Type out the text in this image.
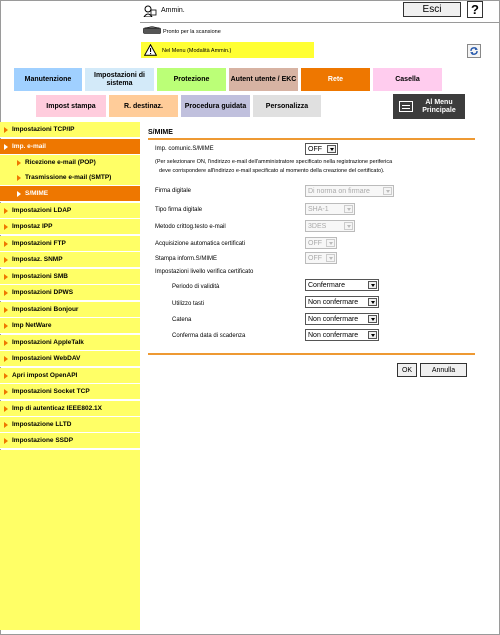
Ammin.	Esci	?
Pronto per la scansione
Nel Menu (Modalità Ammin.)
Manutenzione
Impostazioni di sistema
Protezione	Autent utente / EKC	Rete	Casella
Impost stampa	R. destinaz.	Procedura guidata	Personalizza
Al Menu Principale
Impostazioni TCP/IP
Imp. e-mail
Ricezione e-mail (POP)
Trasmissione e-mail (SMTP)
S/MIME
Impostazioni LDAP
Impostaz IPP
Impostazioni FTP
Impostaz. SNMP
Impostazioni SMB
Impostazioni DPWS
Impostazioni Bonjour
Imp NetWare
Impostazioni AppleTalk
Impostazioni WebDAV
Apri impost OpenAPI
Impostazioni Socket TCP
Imp di autenticaz IEEE802.1X
Impostazione LLTD
Impostazione SSDP
S/MIME
Imp. comunic.S/MIME	OFF
(Per selezionare ON, l'indirizzo e-mail dell'amministratore specificato nella registrazione periferica
deve corrispondere all'indirizzo e-mail specificato al momento della creazione del certificato).
Firma digitale	Di norma on firmare
Tipo firma digitale	SHA-1
Metodo crittog.testo e-mail	3DES
Acquisizione automatica certificati	OFF
Stampa inform.S/MIME	OFF
Impostazioni livello verifica certificato
Periodo di validità	Confermare
Utilizzo tasti	Non confermare
Catena	Non confermare
Conferma data di scadenza	Non confermare
OK	Annulla
